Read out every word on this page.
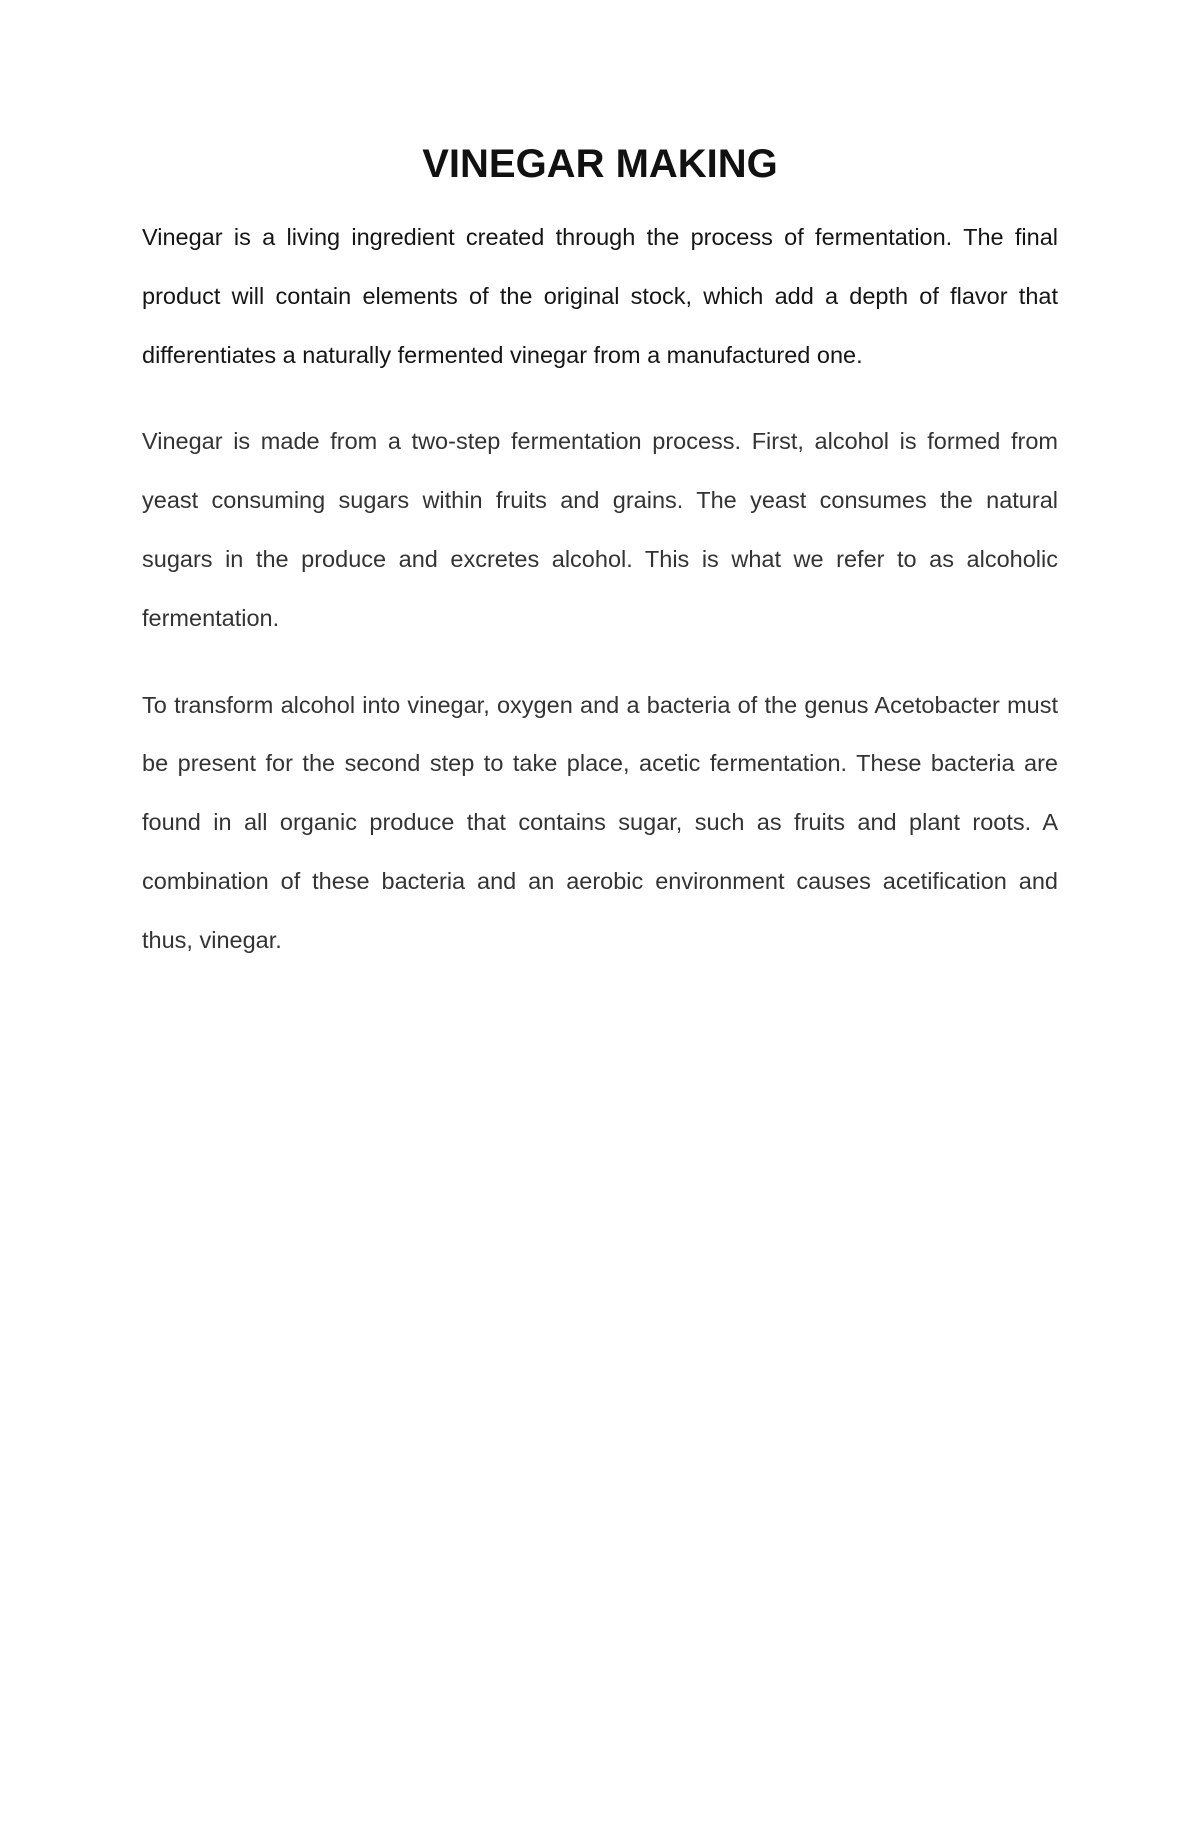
VINEGAR MAKING

Vinegar is a living ingredient created through the process of fermentation. The final product will contain elements of the original stock, which add a depth of flavor that differentiates a naturally fermented vinegar from a manufactured one.

Vinegar is made from a two-step fermentation process. First, alcohol is formed from yeast consuming sugars within fruits and grains. The yeast consumes the natural sugars in the produce and excretes alcohol. This is what we refer to as alcoholic fermentation.

To transform alcohol into vinegar, oxygen and a bacteria of the genus Acetobacter must be present for the second step to take place, acetic fermentation. These bacteria are found in all organic produce that contains sugar, such as fruits and plant roots. A combination of these bacteria and an aerobic environment causes acetification and thus, vinegar.
